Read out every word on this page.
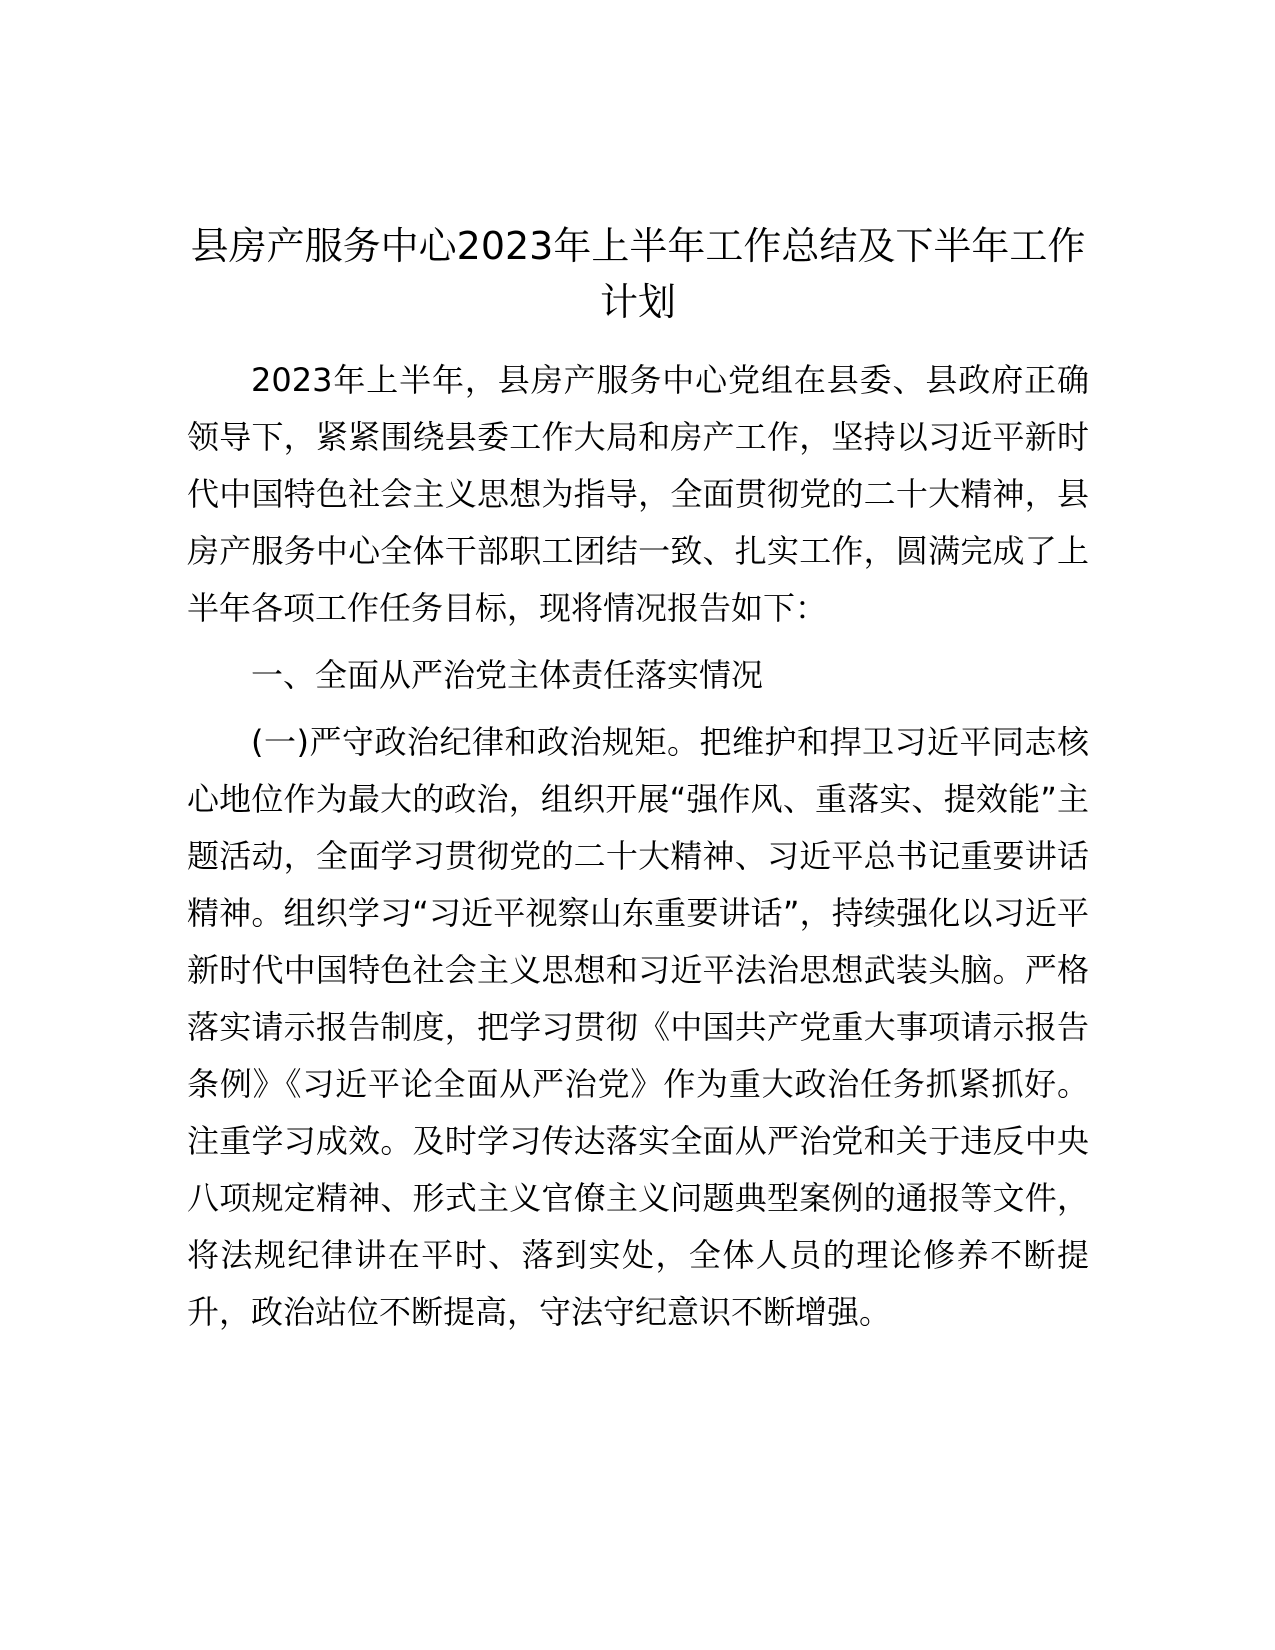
县房产服务中心2023年上半年工作总结及下半年工作计划

2023年上半年，县房产服务中心党组在县委、县政府正确领导下，紧紧围绕县委工作大局和房产工作，坚持以习近平新时代中国特色社会主义思想为指导，全面贯彻党的二十大精神，县房产服务中心全体干部职工团结一致、扎实工作，圆满完成了上半年各项工作任务目标，现将情况报告如下：

一、全面从严治党主体责任落实情况

(一)严守政治纪律和政治规矩。把维护和捍卫习近平同志核心地位作为最大的政治，组织开展“强作风、重落实、提效能”主题活动，全面学习贯彻党的二十大精神、习近平总书记重要讲话精神。组织学习“习近平视察山东重要讲话”，持续强化以习近平新时代中国特色社会主义思想和习近平法治思想武装头脑。严格落实请示报告制度，把学习贯彻《中国共产党重大事项请示报告条例》《习近平论全面从严治党》作为重大政治任务抓紧抓好。注重学习成效。及时学习传达落实全面从严治党和关于违反中央八项规定精神、形式主义官僚主义问题典型案例的通报等文件，将法规纪律讲在平时、落到实处，全体人员的理论修养不断提升，政治站位不断提高，守法守纪意识不断增强。
